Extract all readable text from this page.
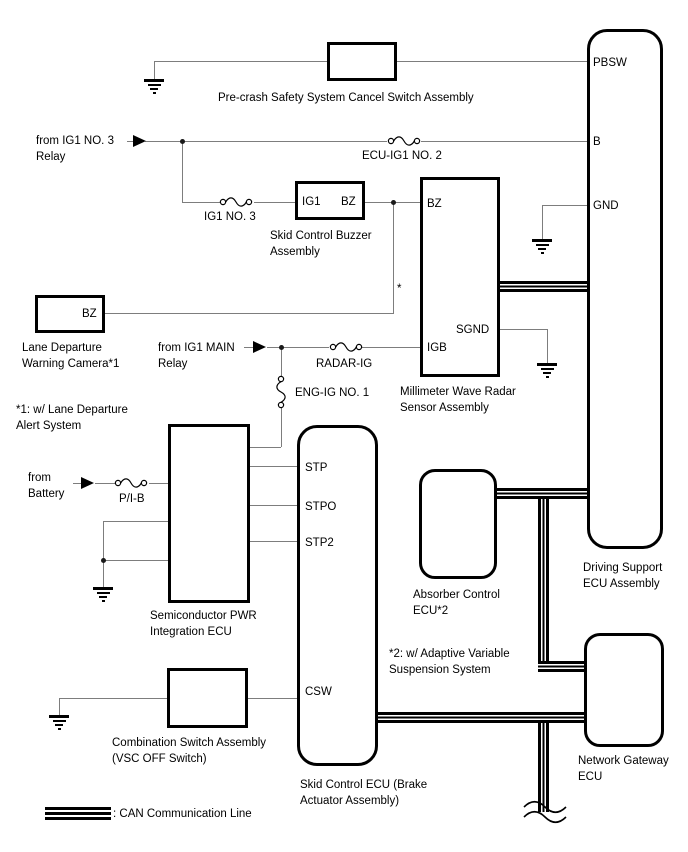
PBSW
B
GND
IG1 BZ
BZ
BZ
SGND
IGB
STP
STPO
STP2
CSW
Pre-crash Safety System Cancel Switch Assembly
Skid Control Buzzer
Assembly
Lane Departure
Warning Camera*1
Millimeter Wave Radar
Sensor Assembly
Semiconductor PWR
Integration ECU
Absorber Control
ECU*2
Driving Support
ECU Assembly
Combination Switch Assembly
(VSC OFF Switch)
Skid Control ECU (Brake
Actuator Assembly)
Network Gateway
ECU
from IG1 NO. 3
Relay
from IG1 MAIN
Relay
from
Battery
ECU-IG1 NO. 2
IG1 NO. 3
RADAR-IG
ENG-IG NO. 1
P/I-B
*1: w/ Lane Departure
Alert System
*2: w/ Adaptive Variable
Suspension System
*
: CAN Communication Line
